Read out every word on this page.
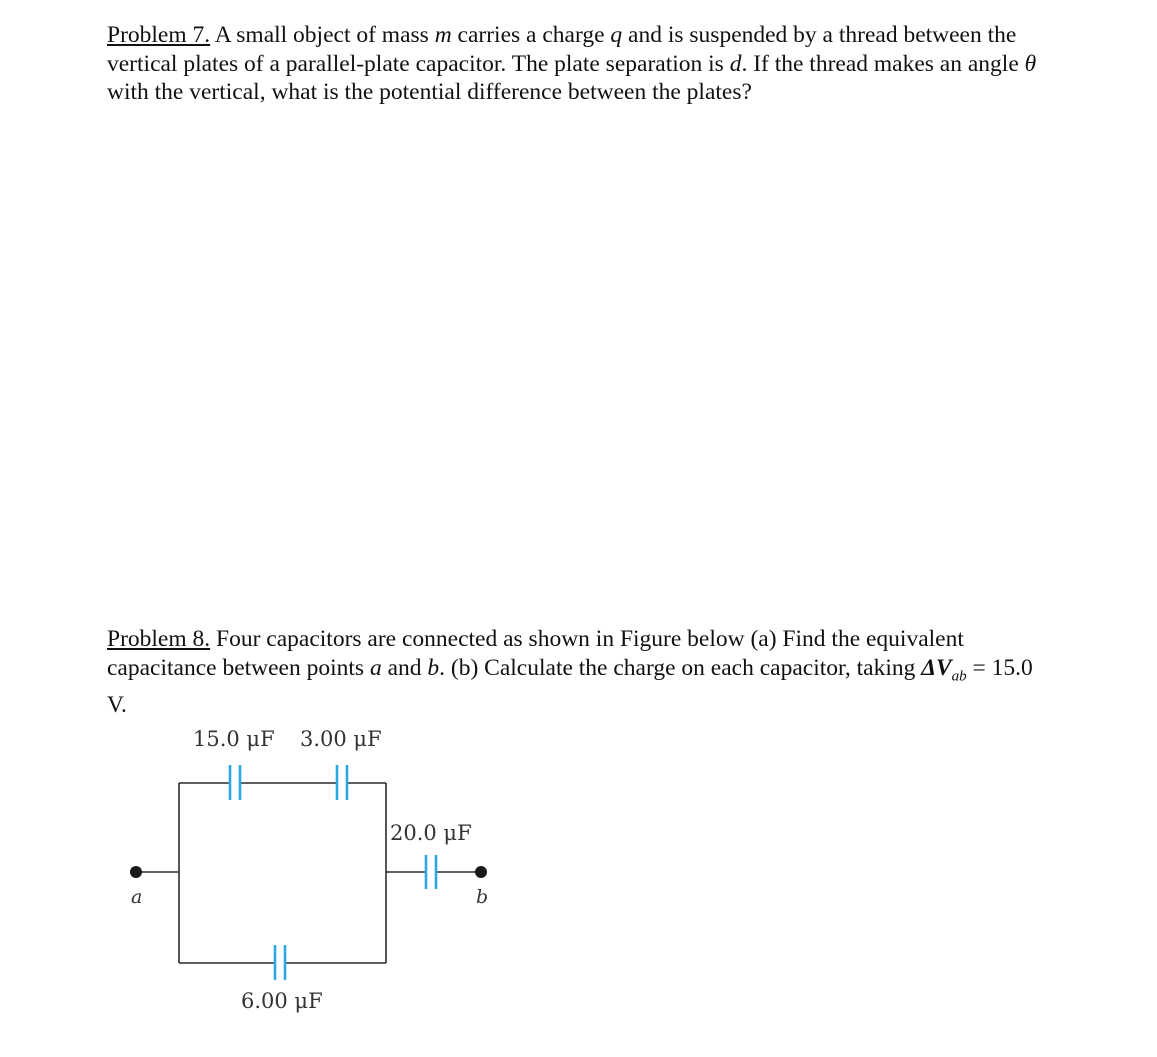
Problem 7. A small object of mass m carries a charge q and is suspended by a thread between the vertical plates of a parallel-plate capacitor. The plate separation is d. If the thread makes an angle θ with the vertical, what is the potential difference between the plates?

Problem 8. Four capacitors are connected as shown in Figure below (a) Find the equivalent capacitance between points a and b. (b) Calculate the charge on each capacitor, taking $\Delta V_{ab} = 15.0$ V.

15.0 μF 3.00 μF
20.0 μF
6.00 μF
a	b
